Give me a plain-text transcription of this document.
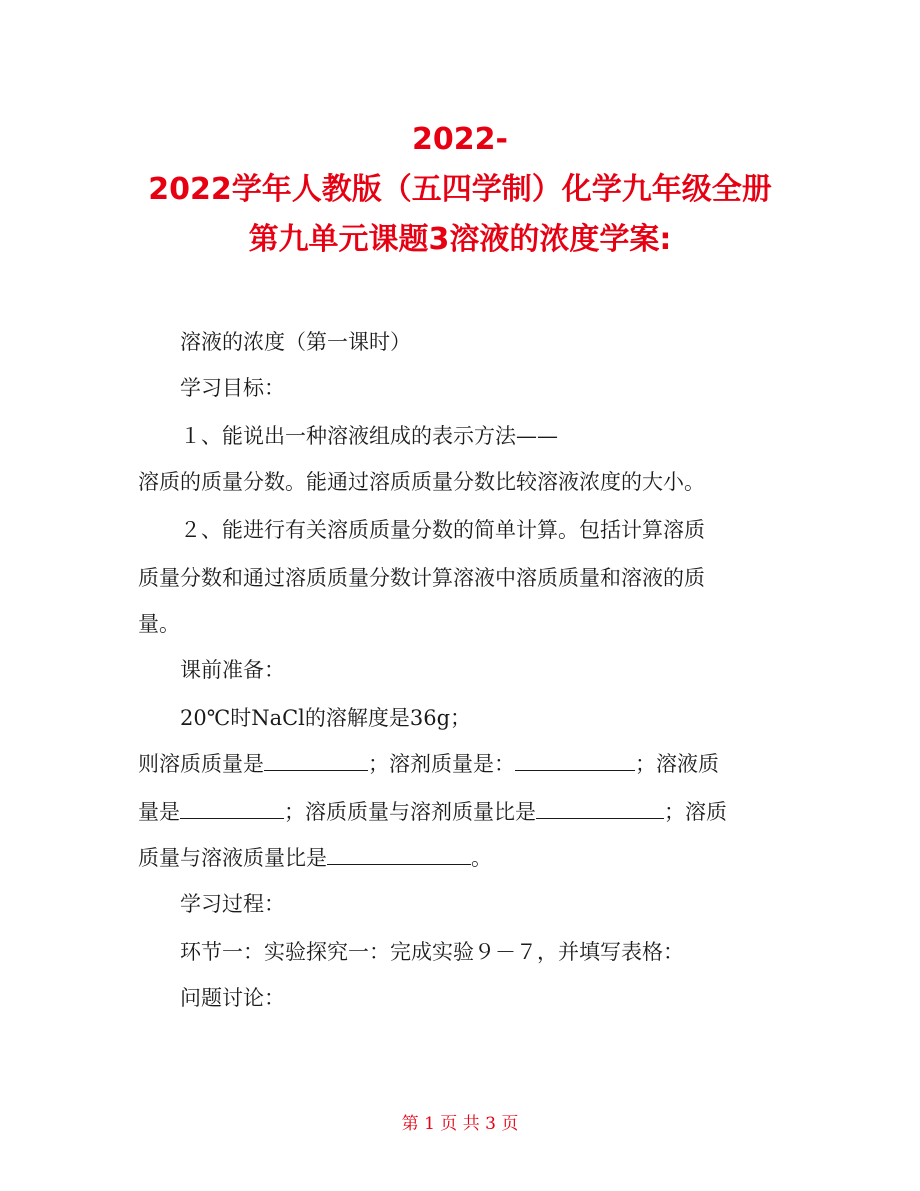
2022-
2022学年人教版（五四学制）化学九年级全册
第九单元课题3溶液的浓度学案:
溶液的浓度（第一课时）
学习目标：
１、能说出一种溶液组成的表示方法——
溶质的质量分数。能通过溶质质量分数比较溶液浓度的大小。
２、能进行有关溶质质量分数的简单计算。包括计算溶质
质量分数和通过溶质质量分数计算溶液中溶质质量和溶液的质
量。
课前准备：
20℃时NaCl的溶解度是36g；
则溶质质量是	；溶剂质量是：	；溶液质
量是	；溶质质量与溶剂质量比是	；溶质
质量与溶液质量比是	。
学习过程：
环节一：实验探究一：完成实验９－７，并填写表格：
问题讨论：
第 1 页 共 3 页
